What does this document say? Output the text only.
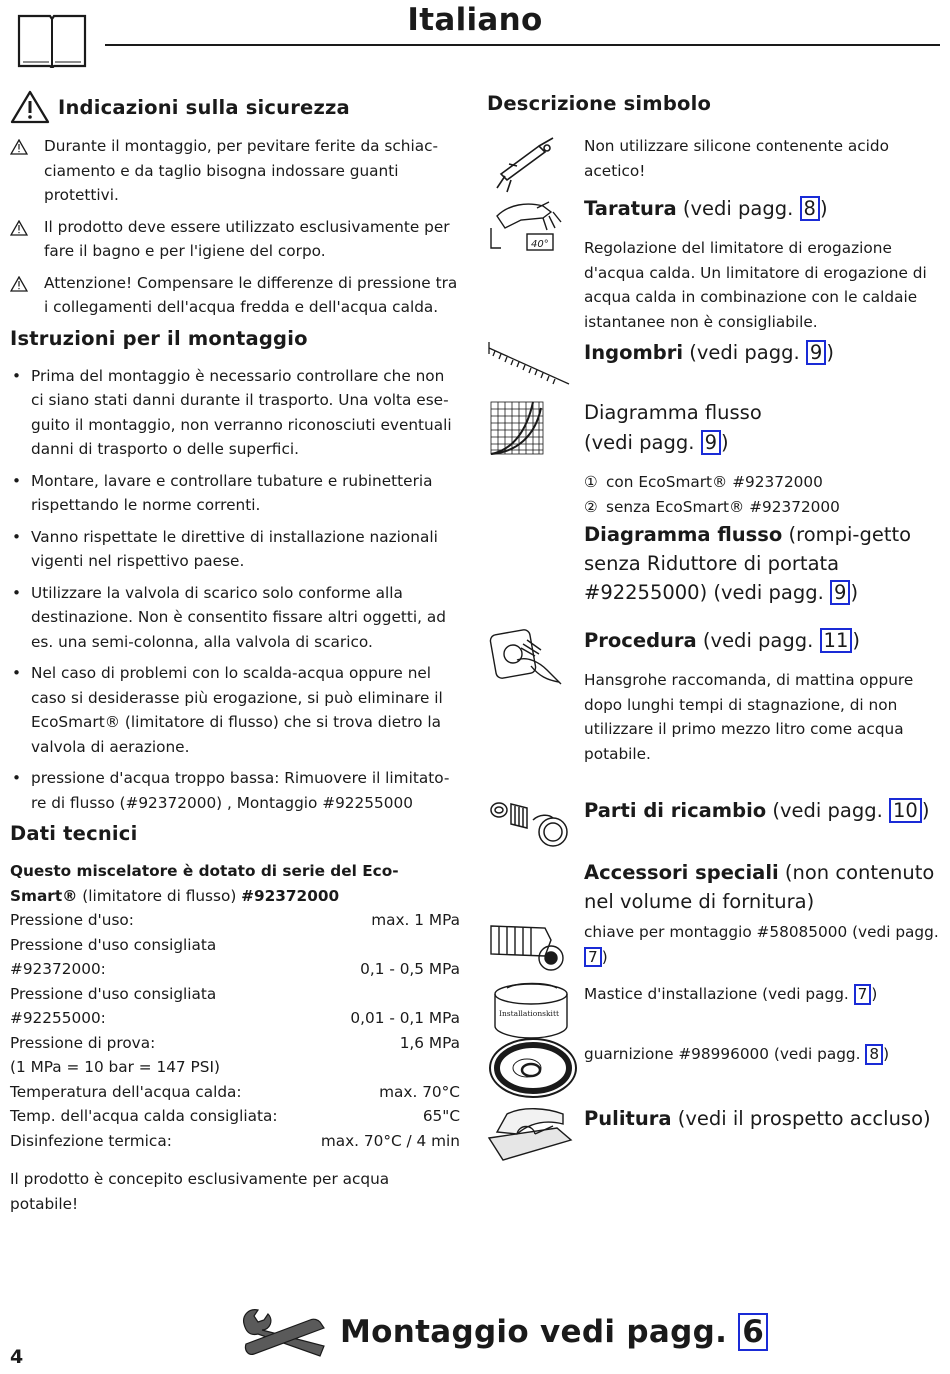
Italiano
Indicazioni sulla sicurezza
Durante il montaggio, per pevitare ferite da schiac-ciamento e da taglio bisogna indossare guanti protettivi.
Il prodotto deve essere utilizzato esclusivamente per fare il bagno e per l'igiene del corpo.
Attenzione! Compensare le differenze di pressione tra i collegamenti dell'acqua fredda e dell'acqua calda.
Istruzioni per il montaggio
• Prima del montaggio è necessario controllare che non ci siano stati danni durante il trasporto. Una volta ese-guito il montaggio, non verranno riconosciuti eventuali danni di trasporto o delle superfici.
• Montare, lavare e controllare tubature e rubinetteria rispettando le norme correnti.
• Vanno rispettate le direttive di installazione nazionali vigenti nel rispettivo paese.
• Utilizzare la valvola di scarico solo conforme alla destinazione. Non è consentito fissare altri oggetti, ad es. una semi-colonna, alla valvola di scarico.
• Nel caso di problemi con lo scalda-acqua oppure nel caso si desiderasse più erogazione, si può eliminare il EcoSmart® (limitatore di flusso) che si trova dietro la valvola di aerazione.
• pressione d'acqua troppo bassa: Rimuovere il limitato-re di flusso (#92372000) , Montaggio #92255000
Dati tecnici
Questo miscelatore è dotato di serie del Eco-Smart® (limitatore di flusso) #92372000
Pressione d'uso:	max. 1 MPa
Pressione d'uso consigliata
#92372000:	0,1 - 0,5 MPa
Pressione d'uso consigliata
#92255000:	0,01 - 0,1 MPa
Pressione di prova:	1,6 MPa
(1 MPa = 10 bar = 147 PSI)
Temperatura dell'acqua calda:	max. 70°C
Temp. dell'acqua calda consigliata:	65"C
Disinfezione termica:	max. 70°C / 4 min
Il prodotto è concepito esclusivamente per acqua potabile!
Descrizione simbolo
Non utilizzare silicone contenente acido acetico!
40°
Taratura (vedi pagg. 8 )
Regolazione del limitatore di erogazione d'acqua calda. Un limitatore di erogazione di acqua calda in combinazione con le caldaie istantanee non è consigliabile.
Ingombri (vedi pagg. 9 )
Diagramma flusso
(vedi pagg. 9 )
① con EcoSmart® #92372000
② senza EcoSmart® #92372000
Diagramma flusso (rompi-getto senza Riduttore di portata #92255000) (vedi pagg. 9 )
Procedura (vedi pagg. 11 )
Hansgrohe raccomanda, di mattina oppure dopo lunghi tempi di stagnazione, di non utilizzare il primo mezzo litro come acqua potabile.
Parti di ricambio (vedi pagg. 10 )
Accessori speciali (non contenuto nel volume di fornitura)
chiave per montaggio #58085000 (vedi pagg. 7 )
Installationskitt
Mastice d'installazione (vedi pagg. 7 )
guarnizione #98996000 (vedi pagg. 8 )
Pulitura (vedi il prospetto accluso)
4
Montaggio vedi pagg. 6
